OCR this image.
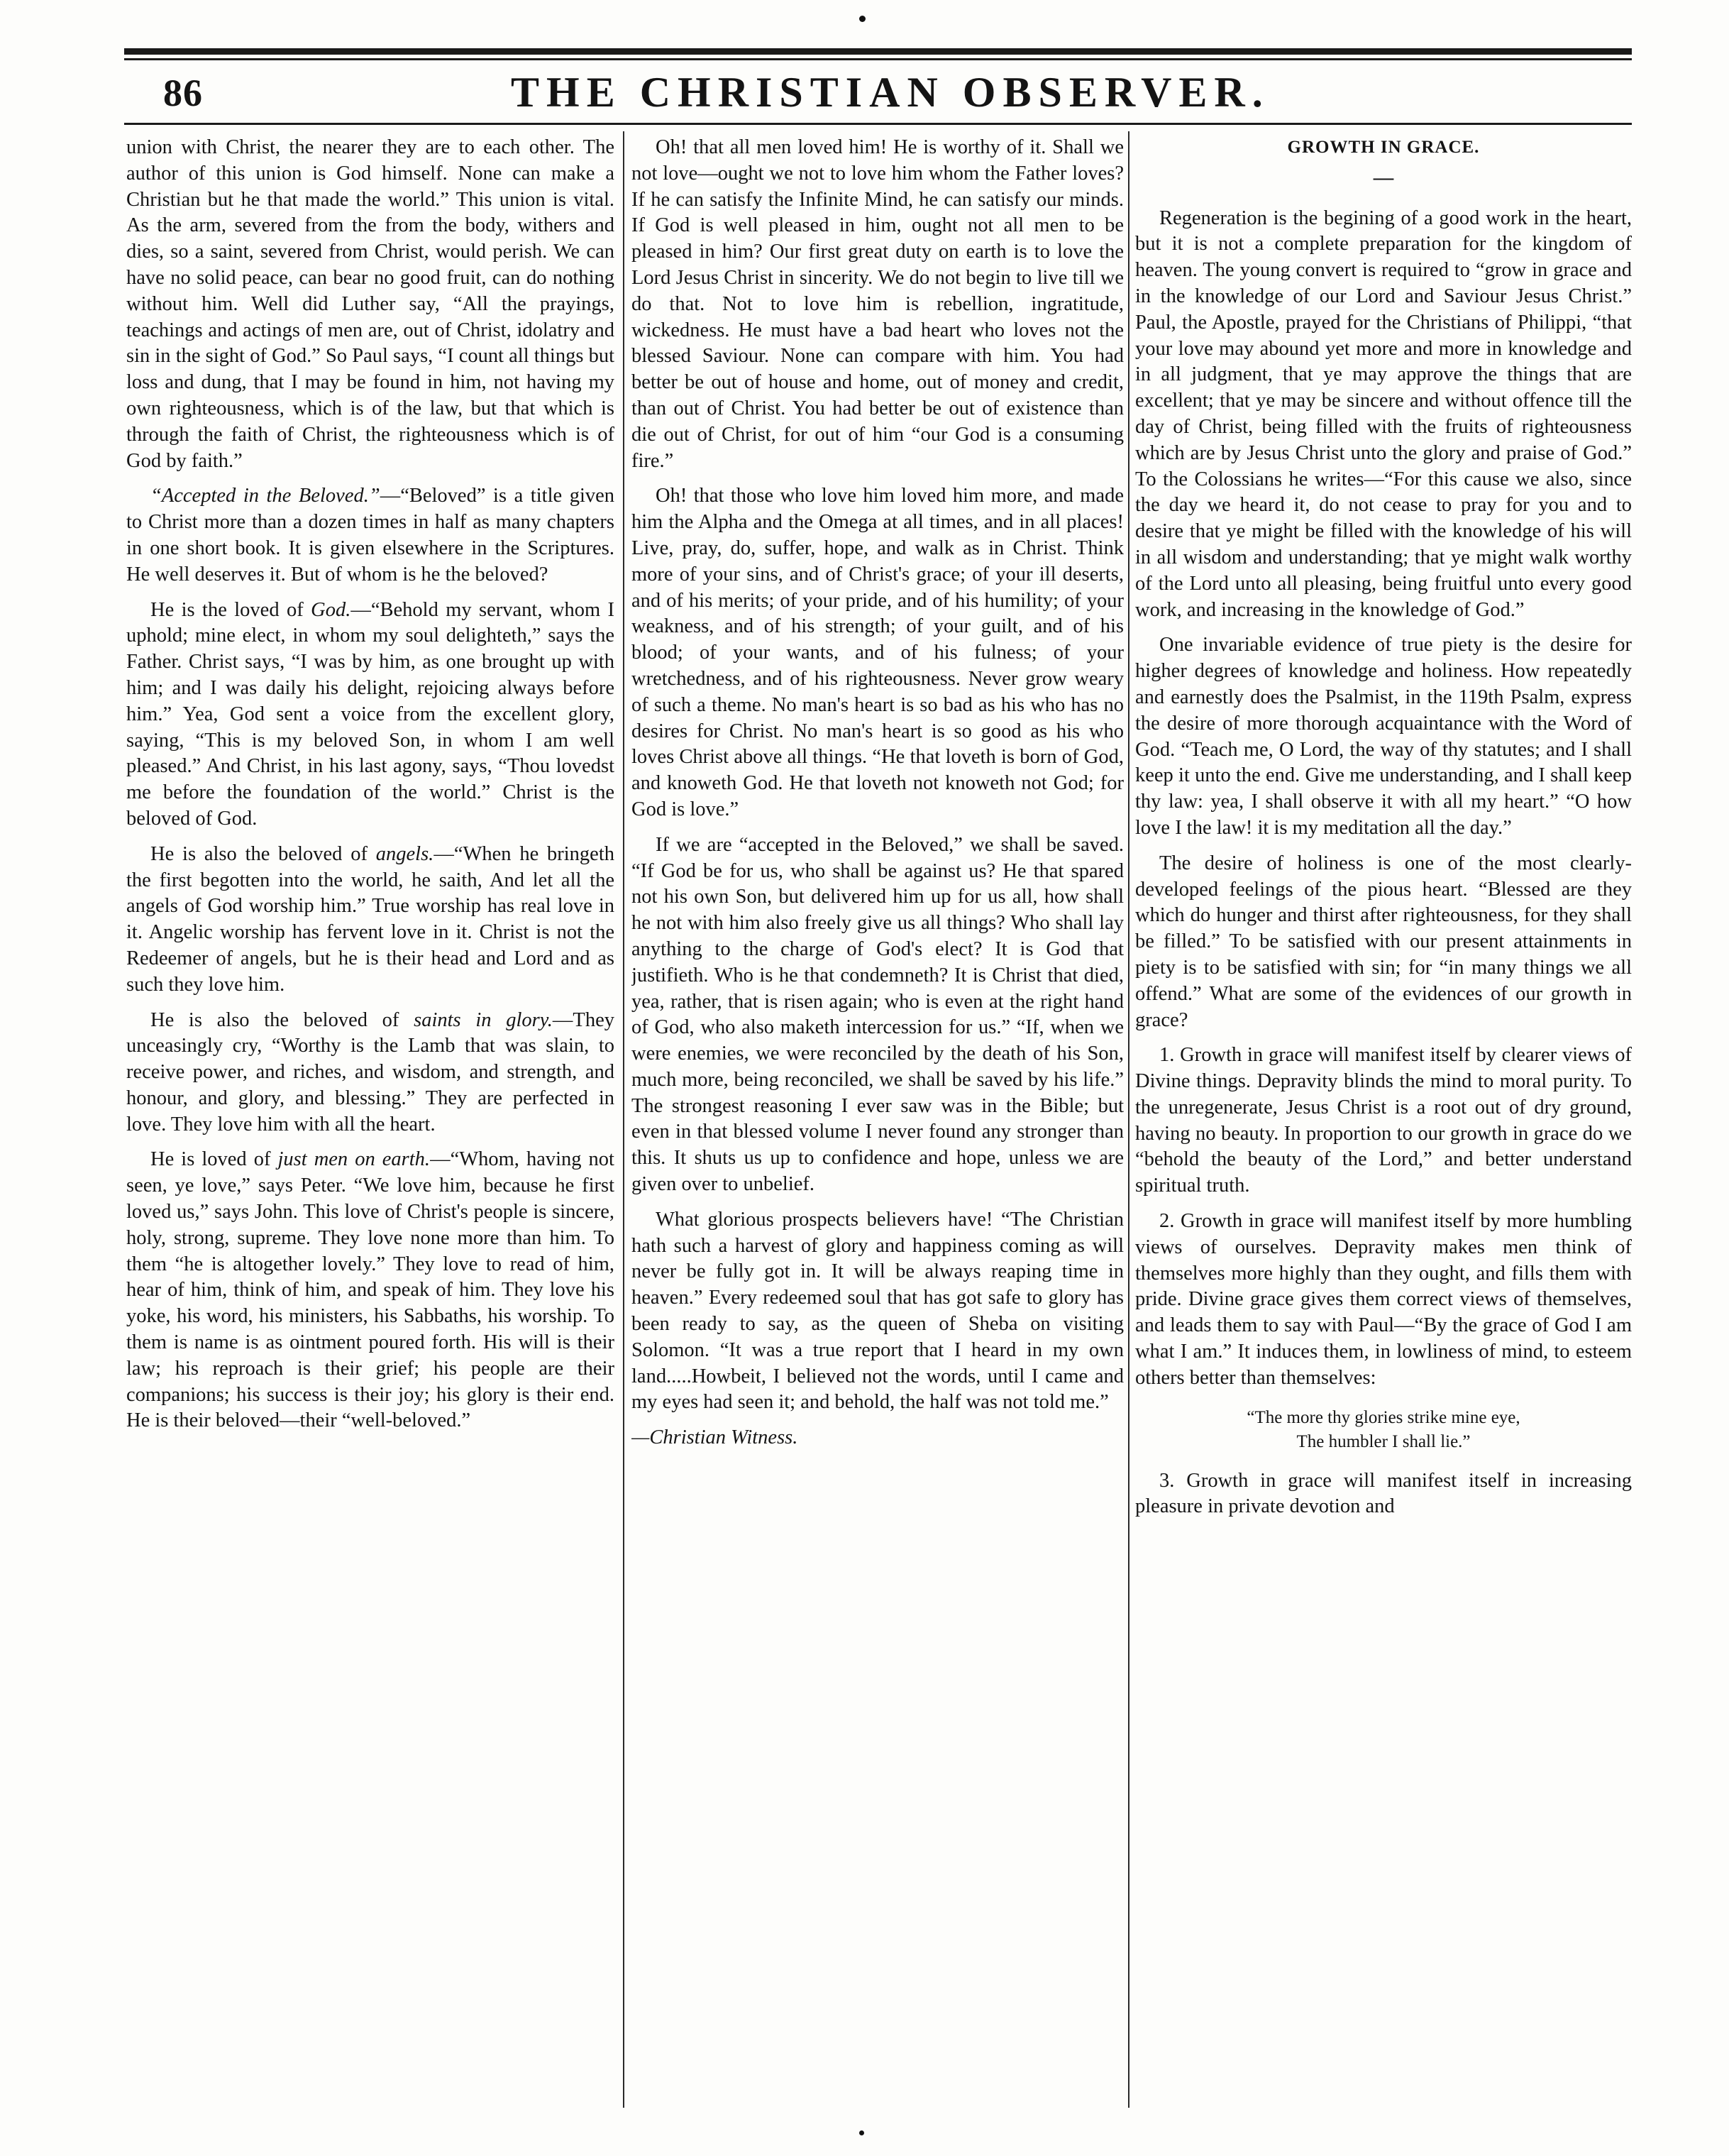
86	THE CHRISTIAN OBSERVER.

union with Christ, the nearer they are to each other. The author of this union is God himself. None can make a Christian but he that made the world.” This union is vital. As the arm, severed from the from the body, withers and dies, so a saint, severed from Christ, would perish. We can have no solid peace, can bear no good fruit, can do nothing without him. Well did Luther say, “All the prayings, teachings and actings of men are, out of Christ, idolatry and sin in the sight of God.” So Paul says, “I count all things but loss and dung, that I may be found in him, not having my own righteousness, which is of the law, but that which is through the faith of Christ, the righteousness which is of God by faith.”

“Accepted in the Beloved.”—“Beloved” is a title given to Christ more than a dozen times in half as many chapters in one short book. It is given elsewhere in the Scriptures. He well deserves it. But of whom is he the beloved?

He is the loved of God.—“Behold my servant, whom I uphold; mine elect, in whom my soul delighteth,” says the Father. Christ says, “I was by him, as one brought up with him; and I was daily his delight, rejoicing always before him.” Yea, God sent a voice from the excellent glory, saying, “This is my beloved Son, in whom I am well pleased.” And Christ, in his last agony, says, “Thou lovedst me before the foundation of the world.” Christ is the beloved of God.

He is also the beloved of angels.—“When he bringeth the first begotten into the world, he saith, And let all the angels of God worship him.” True worship has real love in it. Angelic worship has fervent love in it. Christ is not the Redeemer of angels, but he is their head and Lord and as such they love him.

He is also the beloved of saints in glory.—They unceasingly cry, “Worthy is the Lamb that was slain, to receive power, and riches, and wisdom, and strength, and honour, and glory, and blessing.” They are perfected in love. They love him with all the heart.

He is loved of just men on earth.—“Whom, having not seen, ye love,” says Peter. “We love him, because he first loved us,” says John. This love of Christ's people is sincere, holy, strong, supreme. They love none more than him. To them “he is altogether lovely.” They love to read of him, hear of him, think of him, and speak of him. They love his yoke, his word, his ministers, his Sabbaths, his worship. To them is name is as ointment poured forth. His will is their law; his reproach is their grief; his people are their companions; his success is their joy; his glory is their end. He is their beloved—their “well-beloved.”

Oh! that all men loved him! He is worthy of it. Shall we not love—ought we not to love him whom the Father loves? If he can satisfy the Infinite Mind, he can satisfy our minds. If God is well pleased in him, ought not all men to be pleased in him? Our first great duty on earth is to love the Lord Jesus Christ in sincerity. We do not begin to live till we do that. Not to love him is rebellion, ingratitude, wickedness. He must have a bad heart who loves not the blessed Saviour. None can compare with him. You had better be out of house and home, out of money and credit, than out of Christ. You had better be out of existence than die out of Christ, for out of him “our God is a consuming fire.”

Oh! that those who love him loved him more, and made him the Alpha and the Omega at all times, and in all places! Live, pray, do, suffer, hope, and walk as in Christ. Think more of your sins, and of Christ's grace; of your ill deserts, and of his merits; of your pride, and of his humility; of your weakness, and of his strength; of your guilt, and of his blood; of your wants, and of his fulness; of your wretchedness, and of his righteousness. Never grow weary of such a theme. No man's heart is so bad as his who has no desires for Christ. No man's heart is so good as his who loves Christ above all things. “He that loveth is born of God, and knoweth God. He that loveth not knoweth not God; for God is love.”

If we are “accepted in the Beloved,” we shall be saved. “If God be for us, who shall be against us? He that spared not his own Son, but delivered him up for us all, how shall he not with him also freely give us all things? Who shall lay anything to the charge of God's elect? It is God that justifieth. Who is he that condemneth? It is Christ that died, yea, rather, that is risen again; who is even at the right hand of God, who also maketh intercession for us.” “If, when we were enemies, we were reconciled by the death of his Son, much more, being reconciled, we shall be saved by his life.” The strongest reasoning I ever saw was in the Bible; but even in that blessed volume I never found any stronger than this. It shuts us up to confidence and hope, unless we are given over to unbelief.

What glorious prospects believers have! “The Christian hath such a harvest of glory and happiness coming as will never be fully got in. It will be always reaping time in heaven.” Every redeemed soul that has got safe to glory has been ready to say, as the queen of Sheba on visiting Solomon. “It was a true report that I heard in my own land.....Howbeit, I believed not the words, until I came and my eyes had seen it; and behold, the half was not told me.”

—Christian Witness.

GROWTH IN GRACE.

—

Regeneration is the begining of a good work in the heart, but it is not a complete preparation for the kingdom of heaven. The young convert is required to “grow in grace and in the knowledge of our Lord and Saviour Jesus Christ.” Paul, the Apostle, prayed for the Christians of Philippi, “that your love may abound yet more and more in knowledge and in all judgment, that ye may approve the things that are excellent; that ye may be sincere and without offence till the day of Christ, being filled with the fruits of righteousness which are by Jesus Christ unto the glory and praise of God.” To the Colossians he writes—“For this cause we also, since the day we heard it, do not cease to pray for you and to desire that ye might be filled with the knowledge of his will in all wisdom and understanding; that ye might walk worthy of the Lord unto all pleasing, being fruitful unto every good work, and increasing in the knowledge of God.”

One invariable evidence of true piety is the desire for higher degrees of knowledge and holiness. How repeatedly and earnestly does the Psalmist, in the 119th Psalm, express the desire of more thorough acquaintance with the Word of God. “Teach me, O Lord, the way of thy statutes; and I shall keep it unto the end. Give me understanding, and I shall keep thy law: yea, I shall observe it with all my heart.” “O how love I the law! it is my meditation all the day.”

The desire of holiness is one of the most clearly-developed feelings of the pious heart. “Blessed are they which do hunger and thirst after righteousness, for they shall be filled.” To be satisfied with our present attainments in piety is to be satisfied with sin; for “in many things we all offend.” What are some of the evidences of our growth in grace?

1. Growth in grace will manifest itself by clearer views of Divine things. Depravity blinds the mind to moral purity. To the unregenerate, Jesus Christ is a root out of dry ground, having no beauty. In proportion to our growth in grace do we “behold the beauty of the Lord,” and better understand spiritual truth.

2. Growth in grace will manifest itself by more humbling views of ourselves. Depravity makes men think of themselves more highly than they ought, and fills them with pride. Divine grace gives them correct views of themselves, and leads them to say with Paul—“By the grace of God I am what I am.” It induces them, in lowliness of mind, to esteem others better than themselves:

“The more thy glories strike mine eye,
The humbler I shall lie.”

3. Growth in grace will manifest itself in increasing pleasure in private devotion and
